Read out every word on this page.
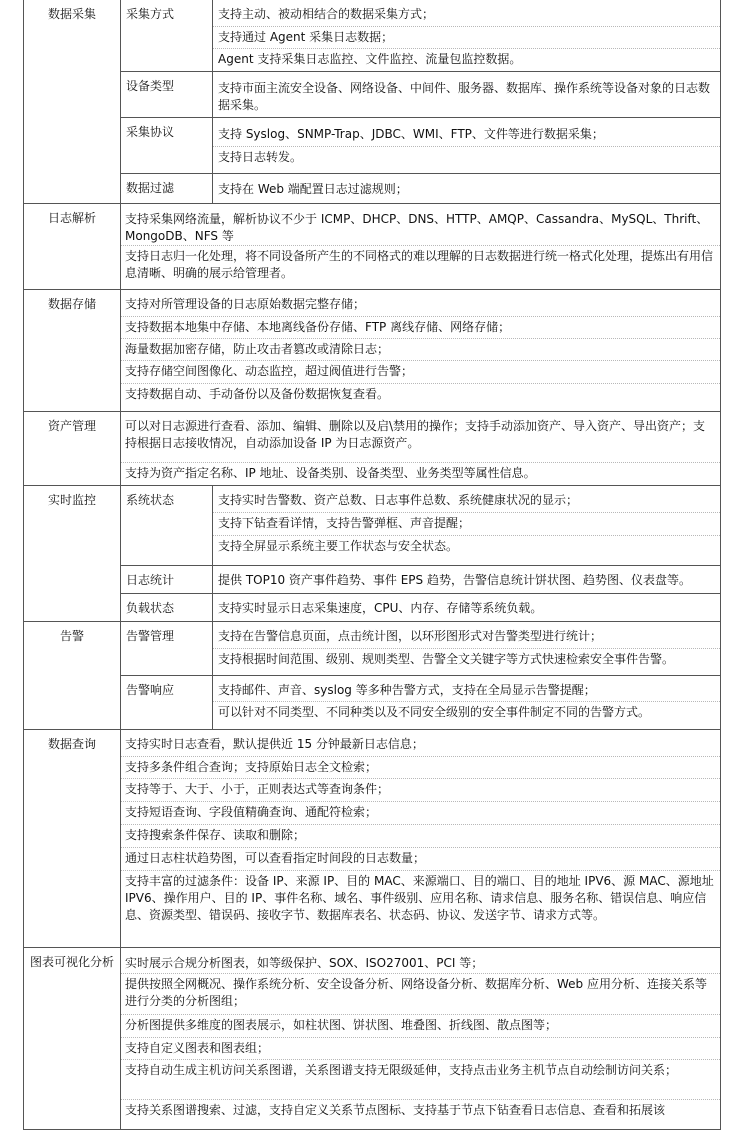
数据采集	采集方式	支持主动、被动相结合的数据采集方式；
支持通过 Agent 采集日志数据；
Agent 支持采集日志监控、文件监控、流量包监控数据。
设备类型	支持市面主流安全设备、网络设备、中间件、服务器、数据库、操作系统等设备对象的日志数据采集。
采集协议	支持 Syslog、SNMP-Trap、JDBC、WMI、FTP、文件等进行数据采集；
支持日志转发。
数据过滤	支持在 Web 端配置日志过滤规则；
日志解析	支持采集网络流量，解析协议不少于 ICMP、DHCP、DNS、HTTP、AMQP、Cassandra、MySQL、Thrift、MongoDB、NFS 等
支持日志归一化处理，将不同设备所产生的不同格式的难以理解的日志数据进行统一格式化处理，提炼出有用信息清晰、明确的展示给管理者。
数据存储	支持对所管理设备的日志原始数据完整存储；
支持数据本地集中存储、本地离线备份存储、FTP 离线存储、网络存储；
海量数据加密存储，防止攻击者篡改或清除日志；
支持存储空间图像化、动态监控，超过阀值进行告警；
支持数据自动、手动备份以及备份数据恢复查看。
资产管理	可以对日志源进行查看、添加、编辑、删除以及启\禁用的操作；支持手动添加资产、导入资产、导出资产；支持根据日志接收情况，自动添加设备 IP 为日志源资产。
支持为资产指定名称、IP 地址、设备类别、设备类型、业务类型等属性信息。
实时监控	系统状态	支持实时告警数、资产总数、日志事件总数、系统健康状况的显示；
支持下钻查看详情，支持告警弹框、声音提醒；
支持全屏显示系统主要工作状态与安全状态。
日志统计	提供 TOP10 资产事件趋势、事件 EPS 趋势，告警信息统计饼状图、趋势图、仪表盘等。
负载状态	支持实时显示日志采集速度，CPU、内存、存储等系统负载。
告警	告警管理	支持在告警信息页面，点击统计图，以环形图形式对告警类型进行统计；
支持根据时间范围、级别、规则类型、告警全文关键字等方式快速检索安全事件告警。
告警响应	支持邮件、声音、syslog 等多种告警方式，支持在全局显示告警提醒；
可以针对不同类型、不同种类以及不同安全级别的安全事件制定不同的告警方式。
数据查询	支持实时日志查看，默认提供近 15 分钟最新日志信息；
支持多条件组合查询；支持原始日志全文检索；
支持等于、大于、小于，正则表达式等查询条件；
支持短语查询、字段值精确查询、通配符检索；
支持搜索条件保存、读取和删除；
通过日志柱状趋势图，可以查看指定时间段的日志数量；
支持丰富的过滤条件：设备 IP、来源 IP、目的 MAC、来源端口、目的端口、目的地址 IPV6、源 MAC、源地址 IPV6、操作用户、目的 IP、事件名称、域名、事件级别、应用名称、请求信息、服务名称、错误信息、响应信息、资源类型、错误码、接收字节、数据库表名、状态码、协议、发送字节、请求方式等。
图表可视化分析 实时展示合规分析图表，如等级保护、SOX、ISO27001、PCI 等；
提供按照全网概况、操作系统分析、安全设备分析、网络设备分析、数据库分析、Web 应用分析、连接关系等进行分类的分析图组；
分析图提供多维度的图表展示，如柱状图、饼状图、堆叠图、折线图、散点图等；
支持自定义图表和图表组；
支持自动生成主机访问关系图谱，关系图谱支持无限级延伸，支持点击业务主机节点自动绘制访问关系；
支持关系图谱搜索、过滤，支持自定义关系节点图标、支持基于节点下钻查看日志信息、查看和拓展该
